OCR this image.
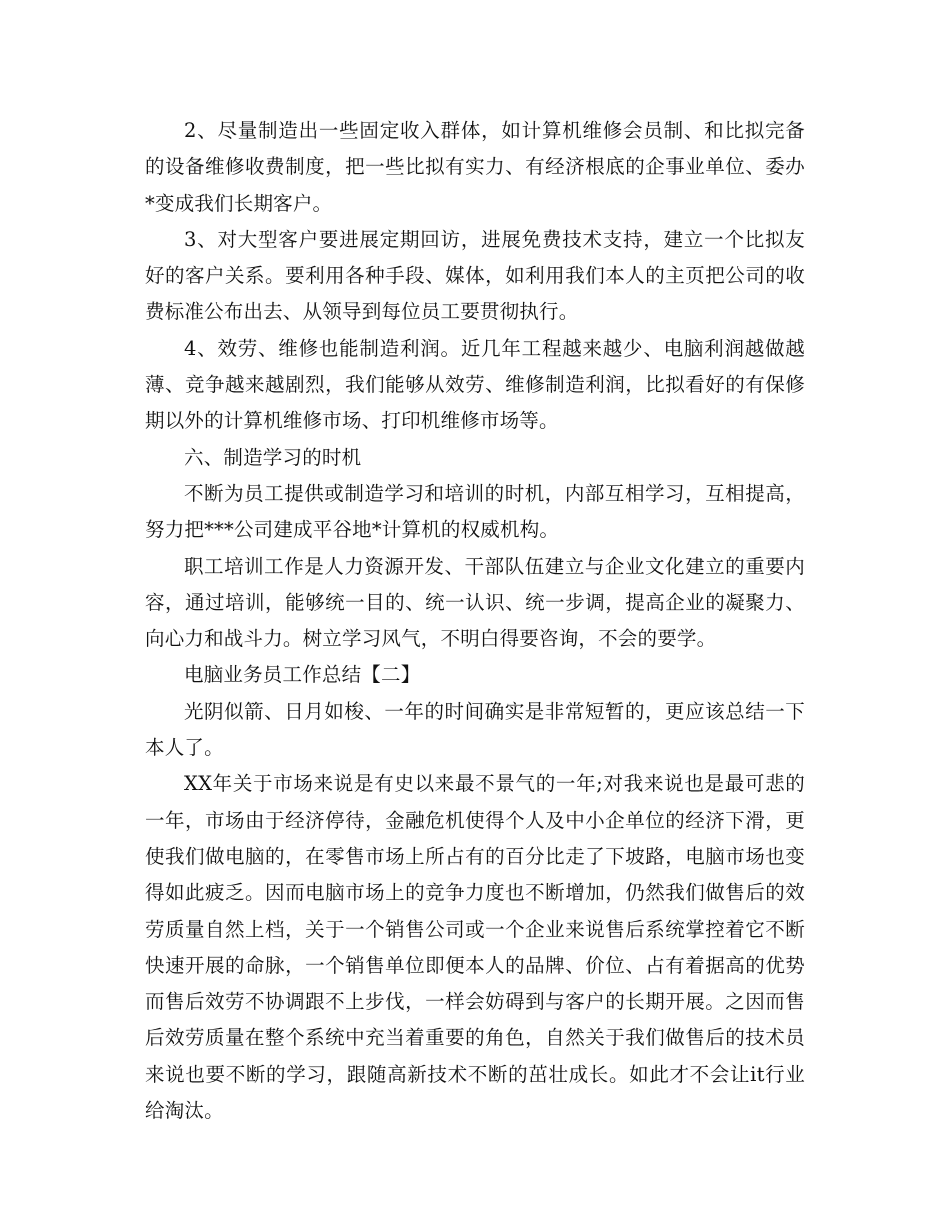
2、尽量制造出一些固定收入群体，如计算机维修会员制、和比拟完备的设备维修收费制度，把一些比拟有实力、有经济根底的企事业单位、委办*变成我们长期客户。

3、对大型客户要进展定期回访，进展免费技术支持，建立一个比拟友好的客户关系。要利用各种手段、媒体，如利用我们本人的主页把公司的收费标准公布出去、从领导到每位员工要贯彻执行。

4、效劳、维修也能制造利润。近几年工程越来越少、电脑利润越做越薄、竞争越来越剧烈，我们能够从效劳、维修制造利润，比拟看好的有保修期以外的计算机维修市场、打印机维修市场等。

六、制造学习的时机

不断为员工提供或制造学习和培训的时机，内部互相学习，互相提高，努力把***公司建成平谷地*计算机的权威机构。

职工培训工作是人力资源开发、干部队伍建立与企业文化建立的重要内容，通过培训，能够统一目的、统一认识、统一步调，提高企业的凝聚力、向心力和战斗力。树立学习风气，不明白得要咨询，不会的要学。

电脑业务员工作总结【二】

光阴似箭、日月如梭、一年的时间确实是非常短暂的，更应该总结一下本人了。

XX年关于市场来说是有史以来最不景气的一年;对我来说也是最可悲的一年，市场由于经济停待，金融危机使得个人及中小企单位的经济下滑，更使我们做电脑的，在零售市场上所占有的百分比走了下坡路，电脑市场也变得如此疲乏。因而电脑市场上的竞争力度也不断增加，仍然我们做售后的效劳质量自然上档，关于一个销售公司或一个企业来说售后系统掌控着它不断快速开展的命脉，一个销售单位即便本人的品牌、价位、占有着据高的优势而售后效劳不协调跟不上步伐，一样会妨碍到与客户的长期开展。之因而售后效劳质量在整个系统中充当着重要的角色，自然关于我们做售后的技术员来说也要不断的学习，跟随高新技术不断的茁壮成长。如此才不会让it行业给淘汰。
